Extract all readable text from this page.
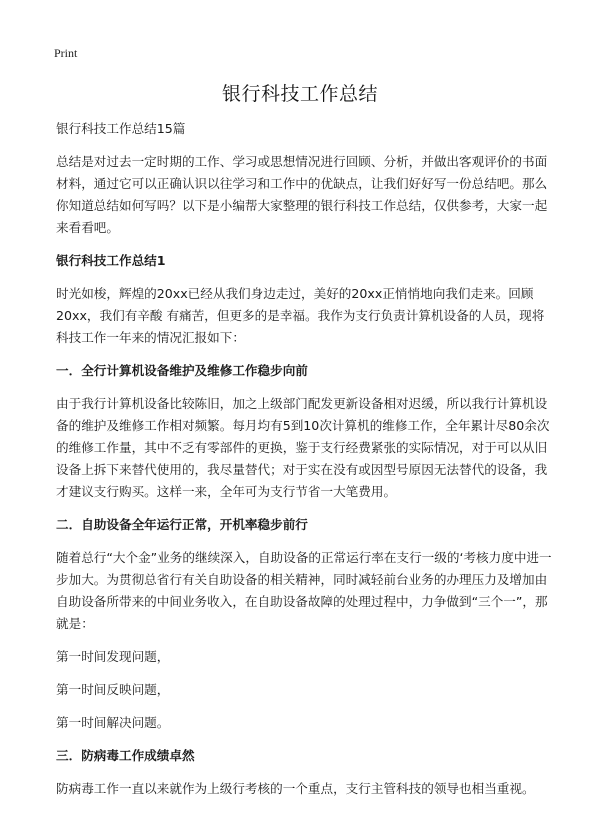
Print
银行科技工作总结

银行科技工作总结15篇

总结是对过去一定时期的工作、学习或思想情况进行回顾、分析，并做出客观评价的书面材料，通过它可以正确认识以往学习和工作中的优缺点，让我们好好写一份总结吧。那么你知道总结如何写吗？以下是小编帮大家整理的银行科技工作总结，仅供参考，大家一起来看看吧。

银行科技工作总结1

时光如梭，辉煌的20xx已经从我们身边走过，美好的20xx正悄悄地向我们走来。回顾20xx，我们有辛酸 有痛苦，但更多的是幸福。我作为支行负责计算机设备的人员，现将科技工作一年来的情况汇报如下：

一．全行计算机设备维护及维修工作稳步向前

由于我行计算机设备比较陈旧，加之上级部门配发更新设备相对迟缓，所以我行计算机设备的维护及维修工作相对频繁。每月均有5到10次计算机的维修工作，全年累计尽80余次的维修工作量，其中不乏有零部件的更换，鉴于支行经费紧张的实际情况，对于可以从旧设备上拆下来替代使用的，我尽量替代；对于实在没有或因型号原因无法替代的设备，我才建议支行购买。这样一来，全年可为支行节省一大笔费用。

二．自助设备全年运行正常，开机率稳步前行

随着总行“大个金”业务的继续深入，自助设备的正常运行率在支行一级的‘考核力度中进一步加大。为贯彻总省行有关自助设备的相关精神，同时减轻前台业务的办理压力及增加由自助设备所带来的中间业务收入，在自助设备故障的处理过程中，力争做到“三个一”，那就是：

第一时间发现问题，

第一时间反映问题，

第一时间解决问题。

三．防病毒工作成绩卓然

防病毒工作一直以来就作为上级行考核的一个重点，支行主管科技的领导也相当重视。
